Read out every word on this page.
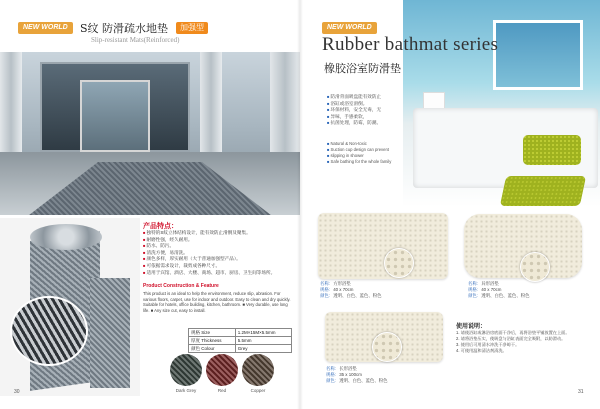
NEW WORLD	S纹 防滑疏水地垫	加强型
Slip-resistant Mats(Reinforced)
产品特点：
■ 独特的S纹立体结构设计，能有效防止滑倒及聚集。
■ 耐磨性强，经久耐用。
■ 防水、防污。
■ 清洗方便，易清洗。
■ 颜色多样，厚实耐用（大于普通加强型产品）。
■ 可依据需求设计，裁剪成各种尺寸。
■ 适用于宾馆、酒店、大楼、商场、超市、厨房、卫生间等场所。
Product Construction & Feature
This product is an ideal to help the environment, reduce slip, abrasion. For various floors, carpet, use for indoor and outdoor. Easy to clean and dry quickly. Suitable for hotels, office building, kitchen, bathroom. ■ Very durable, use long life. ■ Any size cut, easy to install.
规格 Size	1.2M×15M×5.5mm
厚度 Thickness	5.5mm
颜色 Colour	Grey
Dark Grey	Red	Copper
30
NEW WORLD
Rubber bathmat series
橡胶浴室防滑垫
■ 防滑背面吸盘能有效防止
■ 浴缸或浴室滑倒。
■ 环保材料，安全无毒，无
■ 异味，手感柔软，
■ 抗菌处理，防霉，防潮。
■ Natural & Non-toxic
■ Suction cup design can prevent
■ slipping in shower
■ Safe bathing for the whole family
名称：方形浴垫
规格：40 x 70cm
颜色：透明、白色、蓝色、粉色
名称：异形浴垫
规格：40 x 70cm
颜色：透明、白色、蓝色、粉色
名称：长形浴垫
规格：35 x 100cm
颜色：透明、白色、蓝色、粉色
使用说明：
1. 请使浴缸或淋浴房底面干净后，再将浴垫平铺放置在上面。
2. 请将浴垫压实，使吸盘与浴缸表面完全吸附，以防滑动。
3. 使用后可用清水冲洗干净晾干。
4. 可使用温和清洁剂清洗。
31
